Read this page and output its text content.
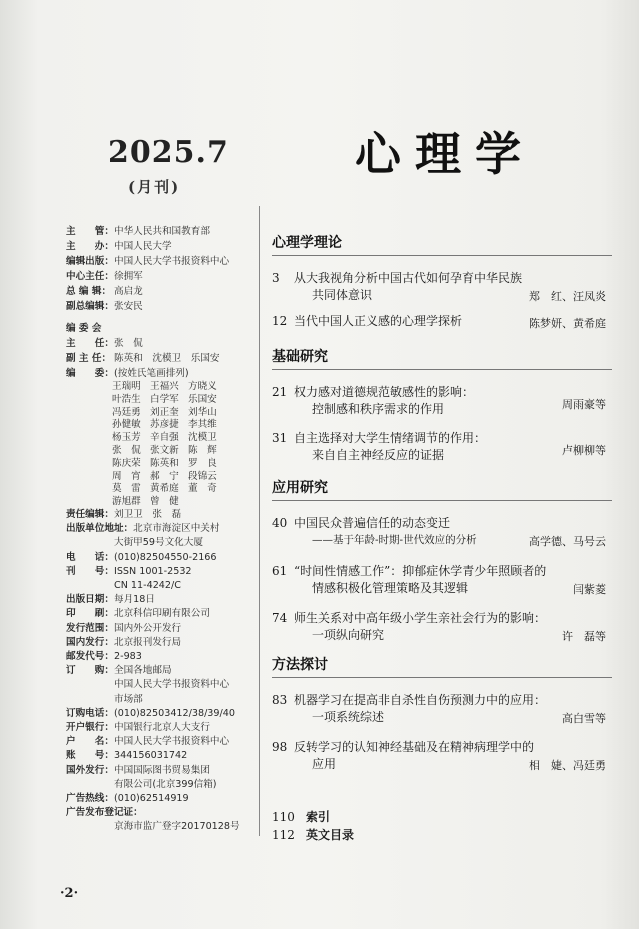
2025.7
(月刊)
心理学
主　　管： 中华人民共和国教育部
主　　办： 中国人民大学
编辑出版： 中国人民大学书报资料中心
中心主任： 徐拥军
总 编 辑： 高启龙
副总编辑： 张安民
编 委 会
主　　任： 张　侃
副 主 任： 陈英和　沈模卫　乐国安
编　　委： (按姓氏笔画排列)
王瑞明 王福兴 方晓义
叶浩生 白学军 乐国安
冯廷勇 刘正奎 刘华山
孙健敏 苏彦捷 李其维
杨玉芳 辛自强 沈模卫
张　侃 张文新 陈　辉
陈庆荣 陈英和 罗　良
周　宵 郝　宁 段锦云
莫　雷 黄希庭 董　奇
游旭群 曾　健
责任编辑： 刘卫卫　张　磊
出版单位地址： 北京市海淀区中关村
大街甲59号文化大厦
电　　话： (010)82504550-2166
刊　　号： ISSN 1001-2532
CN 11-4242/C
出版日期： 每月18日
印　　刷： 北京科信印刷有限公司
发行范围： 国内外公开发行
国内发行： 北京报刊发行局
邮发代号： 2-983
订　　购： 全国各地邮局
中国人民大学书报资料中心
市场部
订购电话： (010)82503412/38/39/40
开户银行： 中国银行北京人大支行
户　　名： 中国人民大学书报资料中心
账　　号： 344156031742
国外发行： 中国国际图书贸易集团
有限公司(北京399信箱)
广告热线： (010)62514919
广告发布登记证：
京海市监广登字20170128号
心理学理论
3 从大我视角分析中国古代如何孕育中华民族
共同体意识	郑　红、汪凤炎
12 当代中国人正义感的心理学探析	陈梦妍、黄希庭
基础研究
21 权力感对道德规范敏感性的影响：
控制感和秩序需求的作用	周雨豪等
31 自主选择对大学生情绪调节的作用：
来自自主神经反应的证据	卢柳柳等
应用研究
40 中国民众普遍信任的动态变迁
——基于年龄-时期-世代效应的分析	高学德、马号云
61 “时间性情感工作”：抑郁症休学青少年照顾者的
情感积极化管理策略及其逻辑	闫紫菱
74 师生关系对中高年级小学生亲社会行为的影响：
一项纵向研究	许　磊等
方法探讨
83 机器学习在提高非自杀性自伤预测力中的应用：
一项系统综述	高白雪等
98 反转学习的认知神经基础及在精神病理学中的
应用	相　婕、冯廷勇
110 索引
112 英文目录
·2·
